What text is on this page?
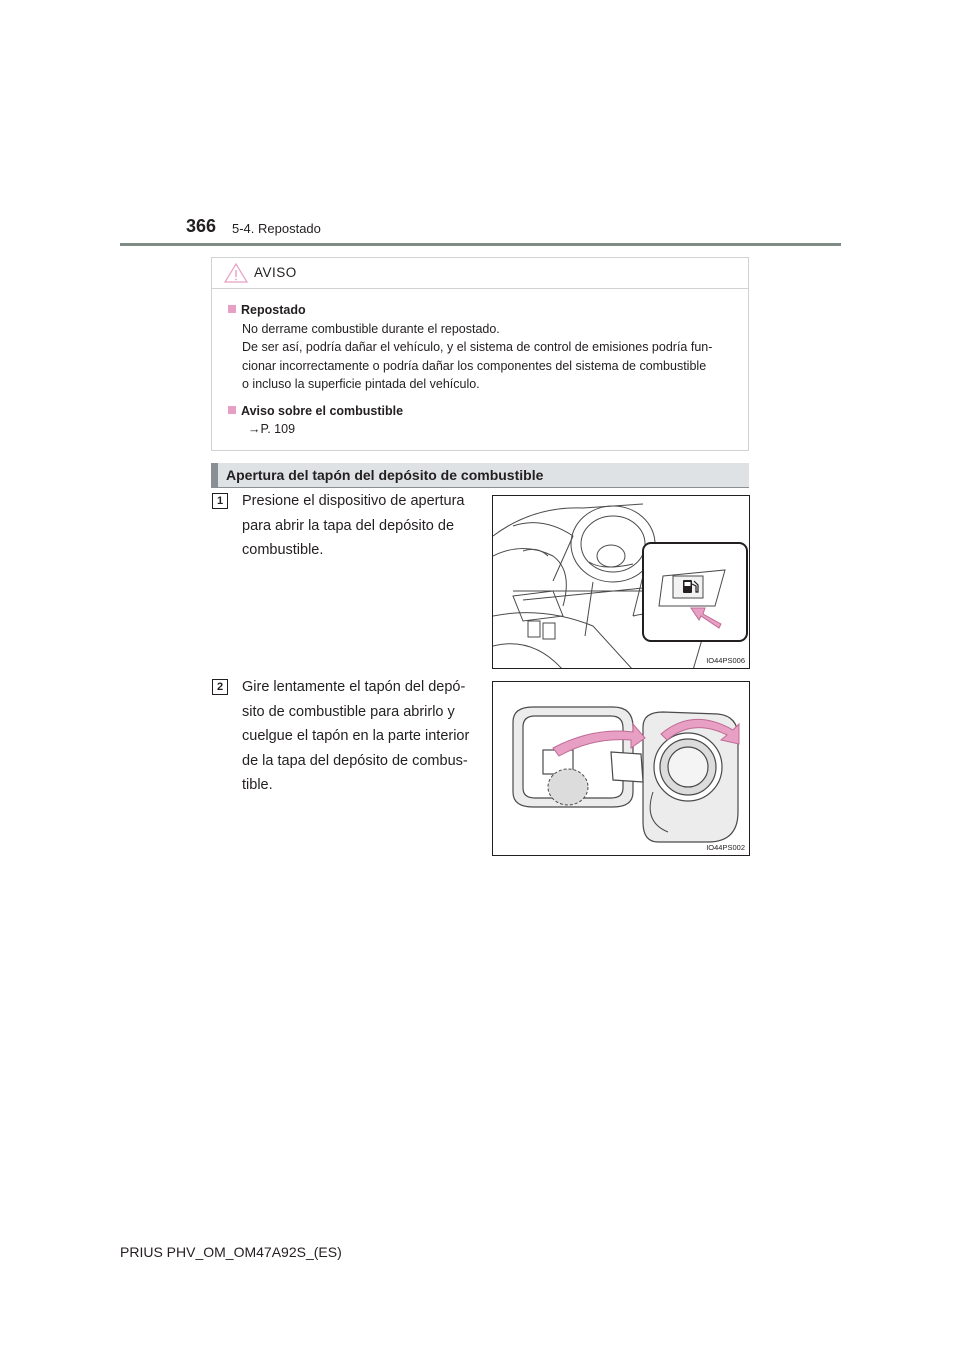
366 5-4. Repostado
AVISO
Repostado
No derrame combustible durante el repostado.
De ser así, podría dañar el vehículo, y el sistema de control de emisiones podría fun-
cionar incorrectamente o podría dañar los componentes del sistema de combustible
o incluso la superficie pintada del vehículo.
Aviso sobre el combustible
→P. 109
Apertura del tapón del depósito de combustible
1	Presione el dispositivo de apertura
para abrir la tapa del depósito de
combustible.
IO44PS006
2	Gire lentamente el tapón del depó-
sito de combustible para abrirlo y
cuelgue el tapón en la parte interior
de la tapa del depósito de combus-
tible.
IO44PS002
PRIUS PHV_OM_OM47A92S_(ES)
